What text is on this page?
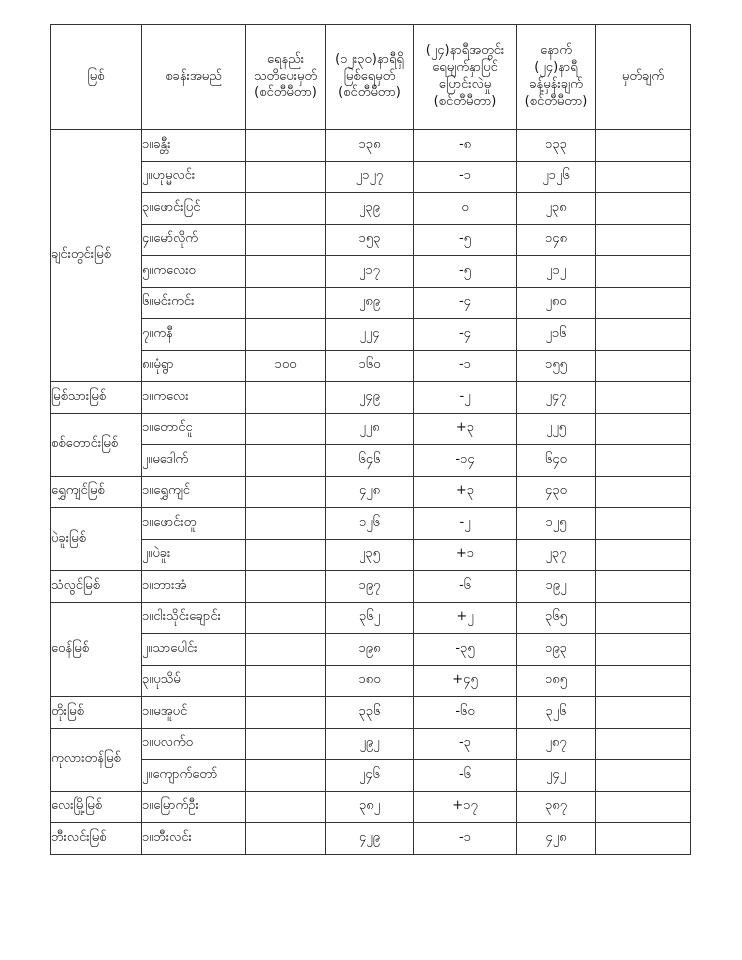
မြစ်	စခန်းအမည်	ရေနည်း
သတိပေးမှတ်
(စင်တီမီတာ)	(၁၂း၃၀)နာရီရှိ
မြစ်ရေမှတ်
(စင်တီမီတာ)	(၂၄)နာရီအတွင်း
ရေမျက်နှာပြင်
ပြောင်းလဲမှု
(စင်တီမီတာ)	နောက်
(၂၄)နာရီ
ခန့်မှန်းချက်
(စင်တီမီတာ)	မှတ်ချက်
ချင်းတွင်းမြစ်	၁။ခန္တီး		၁၃၈	-၈	၁၃၃	
	၂။ဟုမ္မလင်း		၂၁၂၇	-၁	၂၁၂၆	
	၃။ဖောင်းပြင်		၂၃၉	၀	၂၃၈	
	၄။မော်လိုက်		၁၅၃	-၅	၁၄၈	
	၅။ကလေးဝ		၂၁၇	-၅	၂၁၂	
	၆။မင်းကင်း		၂၈၉	-၄	၂၈၀	
	၇။ကနီ		၂၂၄	-၄	၂၁၆	
	၈။မုံရွာ	၁၀၀	၁၆၀	-၁	၁၅၅	
မြစ်သားမြစ်	၁။ကလေး		၂၄၉	-၂	၂၄၇	
စစ်တောင်းမြစ်	၁။တောင်ငူ		၂၂၈	+၃	၂၂၅	
	၂။မဒေါက်		၆၄၆	-၁၄	၆၄၀	
ရွှေကျင်မြစ်	၁။ရွှေကျင်		၄၂၈	+၃	၄၃၀	
ပဲခူးမြစ်	၁။ဖောင်းတူ		၁၂၆	-၂	၁၂၅	
	၂။ပဲခူး		၂၃၅	+၁	၂၃၇	
သံလွင်မြစ်	၁။ဘားအံ		၁၉၇	-၆	၁၉၂	
ဝေန်မြစ်	၁။ငါးသိုင်းချောင်း		၃၆၂	+၂	၃၆၅	
	၂။သာပေါင်း		၁၉၈	-၃၅	၁၉၃	
	၃။ပုသိမ်		၁၈၀	+၄၅	၁၈၅	
တိုးမြစ်	၁။မအူပင်		၃၃၆	-၆၀	၃၂၆	
ကုလားတန်မြစ်	၁။ပလက်ဝ		၂၉၂	-၃	၂၈၇	
	၂။ကျောက်တော်		၂၄၆	-၆	၂၄၂	
လေးမြို့မြစ်	၁။မြောက်ဦး		၃၈၂	+၁၇	၃၈၇	
ဘီးလင်းမြစ်	၁။ဘီးလင်း		၄၂၉	-၁	၄၂၈	
